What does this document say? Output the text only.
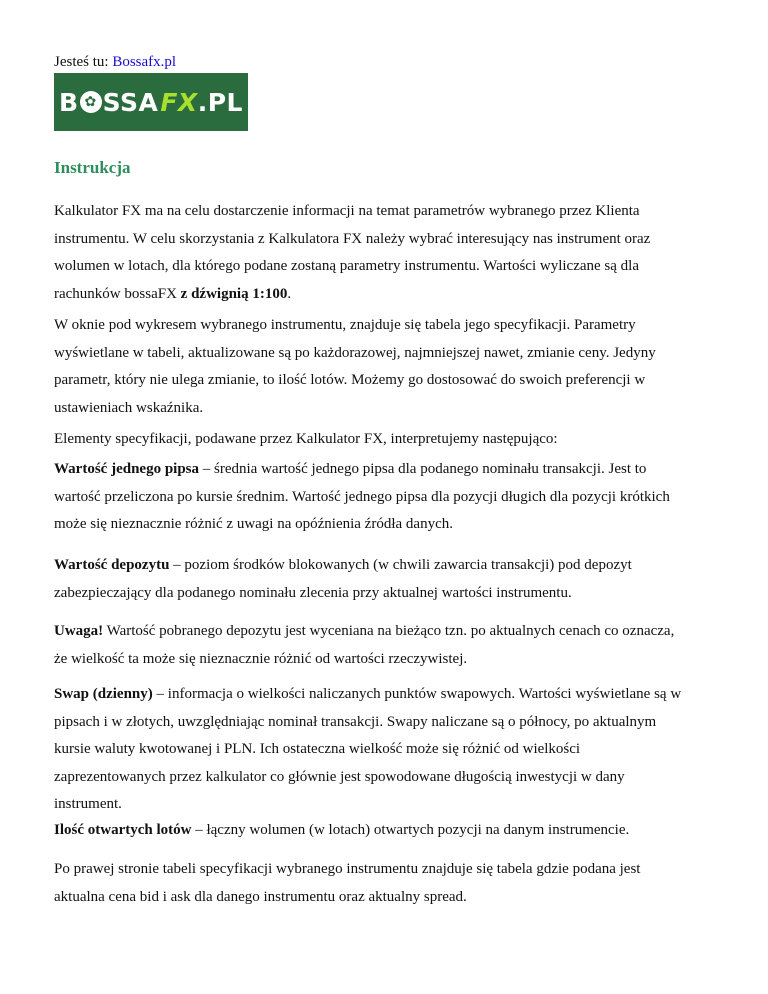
Jesteś tu: Bossafx.pl
B ✿ SSA FX .PL
Instrukcja

Kalkulator FX ma na celu dostarczenie informacji na temat parametrów wybranego przez Klienta
instrumentu. W celu skorzystania z Kalkulatora FX należy wybrać interesujący nas instrument oraz
wolumen w lotach, dla którego podane zostaną parametry instrumentu. Wartości wyliczane są dla
rachunków bossaFX z dźwignią 1:100.

W oknie pod wykresem wybranego instrumentu, znajduje się tabela jego specyfikacji. Parametry
wyświetlane w tabeli, aktualizowane są po każdorazowej, najmniejszej nawet, zmianie ceny. Jedyny
parametr, który nie ulega zmianie, to ilość lotów. Możemy go dostosować do swoich preferencji w
ustawieniach wskaźnika.

Elementy specyfikacji, podawane przez Kalkulator FX, interpretujemy następująco:

Wartość jednego pipsa – średnia wartość jednego pipsa dla podanego nominału transakcji. Jest to
wartość przeliczona po kursie średnim. Wartość jednego pipsa dla pozycji długich dla pozycji krótkich
może się nieznacznie różnić z uwagi na opóźnienia źródła danych.

Wartość depozytu – poziom środków blokowanych (w chwili zawarcia transakcji) pod depozyt
zabezpieczający dla podanego nominału zlecenia przy aktualnej wartości instrumentu.

Uwaga! Wartość pobranego depozytu jest wyceniana na bieżąco tzn. po aktualnych cenach co oznacza,
że wielkość ta może się nieznacznie różnić od wartości rzeczywistej.

Swap (dzienny) – informacja o wielkości naliczanych punktów swapowych. Wartości wyświetlane są w
pipsach i w złotych, uwzględniając nominał transakcji. Swapy naliczane są o północy, po aktualnym
kursie waluty kwotowanej i PLN. Ich ostateczna wielkość może się różnić od wielkości
zaprezentowanych przez kalkulator co głównie jest spowodowane długością inwestycji w dany
instrument.

Ilość otwartych lotów – łączny wolumen (w lotach) otwartych pozycji na danym instrumencie.

Po prawej stronie tabeli specyfikacji wybranego instrumentu znajduje się tabela gdzie podana jest
aktualna cena bid i ask dla danego instrumentu oraz aktualny spread.
